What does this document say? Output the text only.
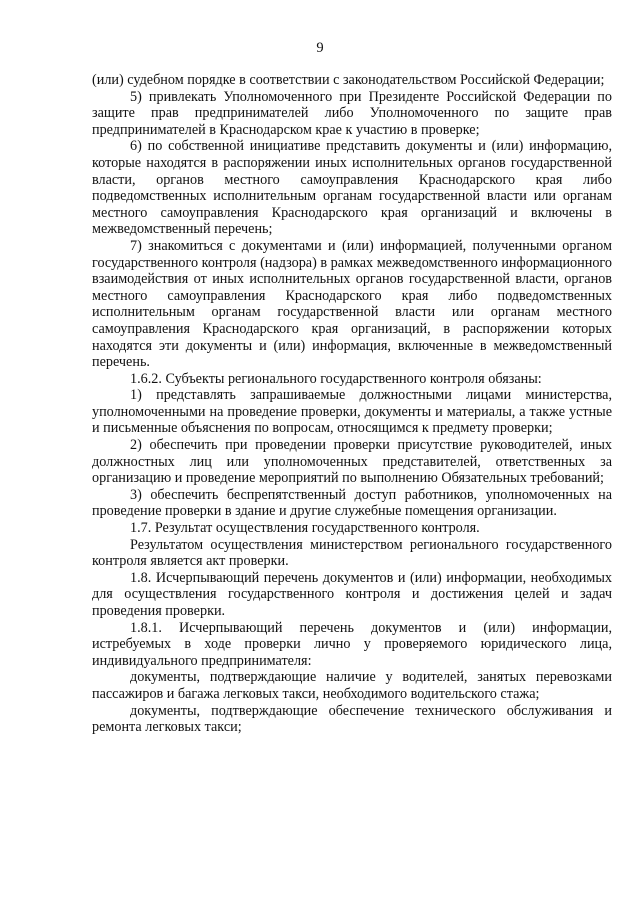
9

(или) судебном порядке в соответствии с законодательством Российской Федерации;

5) привлекать Уполномоченного при Президенте Российской Федерации по защите прав предпринимателей либо Уполномоченного по защите прав предпринимателей в Краснодарском крае к участию в проверке;

6) по собственной инициативе представить документы и (или) информацию, которые находятся в распоряжении иных исполнительных органов государственной власти, органов местного самоуправления Краснодарского края либо подведомственных исполнительным органам государственной власти или органам местного самоуправления Краснодарского края организаций и включены в межведомственный перечень;

7) знакомиться с документами и (или) информацией, полученными органом государственного контроля (надзора) в рамках межведомственного информационного взаимодействия от иных исполнительных органов государственной власти, органов местного самоуправления Краснодарского края либо подведомственных исполнительным органам государственной власти или органам местного самоуправления Краснодарского края организаций, в распоряжении которых находятся эти документы и (или) информация, включенные в межведомственный перечень.

1.6.2. Субъекты регионального государственного контроля обязаны:

1) представлять запрашиваемые должностными лицами министерства, уполномоченными на проведение проверки, документы и материалы, а также устные и письменные объяснения по вопросам, относящимся к предмету проверки;

2) обеспечить при проведении проверки присутствие руководителей, иных должностных лиц или уполномоченных представителей, ответственных за организацию и проведение мероприятий по выполнению Обязательных требований;

3) обеспечить беспрепятственный доступ работников, уполномоченных на проведение проверки в здание и другие служебные помещения организации.

1.7. Результат осуществления государственного контроля.

Результатом осуществления министерством регионального государственного контроля является акт проверки.

1.8. Исчерпывающий перечень документов и (или) информации, необходимых для осуществления государственного контроля и достижения целей и задач проведения проверки.

1.8.1. Исчерпывающий перечень документов и (или) информации, истребуемых в ходе проверки лично у проверяемого юридического лица, индивидуального предпринимателя:

документы, подтверждающие наличие у водителей, занятых перевозками пассажиров и багажа легковых такси, необходимого водительского стажа;

документы, подтверждающие обеспечение технического обслуживания и ремонта легковых такси;
